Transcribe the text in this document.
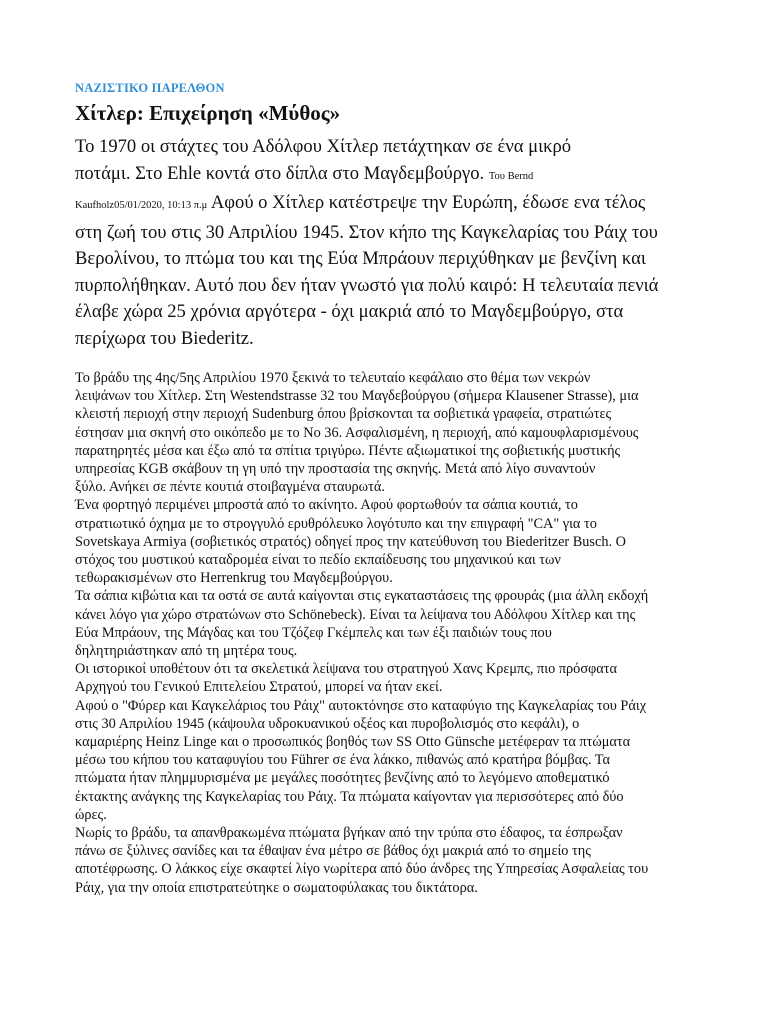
ΝΑΖΙΣΤΙΚΟ ΠΑΡΕΛΘΟΝ
Χίτλερ: Επιχείρηση «Μύθος»
Το 1970 οι στάχτες του Αδόλφου Χίτλερ πετάχτηκαν σε ένα μικρό
ποτάμι. Στο Ehle κοντά στο δίπλα στο Μαγδεμβούργο. Του Bernd
Kaufholz05/01/2020, 10:13 π.μ Αφού ο Χίτλερ κατέστρεψε την Ευρώπη, έδωσε ενα τέλος
στη ζωή του στις 30 Απριλίου 1945. Στον κήπο της Καγκελαρίας του Ράιχ του
Βερολίνου, το πτώμα του και της Εύα Μπράουν περιχύθηκαν με βενζίνη και
πυρπολήθηκαν. Αυτό που δεν ήταν γνωστό για πολύ καιρό: Η τελευταία πενιά
έλαβε χώρα 25 χρόνια αργότερα - όχι μακριά από το Μαγδεμβούργο, στα
περίχωρα του Biederitz.
Το βράδυ της 4ης/5ης Απριλίου 1970 ξεκινά το τελευταίο κεφάλαιο στο θέμα των νεκρών
λειψάνων του Χίτλερ. Στη Westendstrasse 32 του Μαγδεβούργου (σήμερα Klausener Strasse), μια
κλειστή περιοχή στην περιοχή Sudenburg όπου βρίσκονται τα σοβιετικά γραφεία, στρατιώτες
έστησαν μια σκηνή στο οικόπεδο με το Νο 36. Ασφαλισμένη, η περιοχή, από καμουφλαρισμένους
παρατηρητές μέσα και έξω από τα σπίτια τριγύρω. Πέντε αξιωματικοί της σοβιετικής μυστικής
υπηρεσίας KGB σκάβουν τη γη υπό την προστασία της σκηνής. Μετά από λίγο συναντούν
ξύλο. Ανήκει σε πέντε κουτιά στοιβαγμένα σταυρωτά.
Ένα φορτηγό περιμένει μπροστά από το ακίνητο. Αφού φορτωθούν τα σάπια κουτιά, το
στρατιωτικό όχημα με το στρογγυλό ερυθρόλευκο λογότυπο και την επιγραφή "CA" για το
Sovetskaya Armiya (σοβιετικός στρατός) οδηγεί προς την κατεύθυνση του Biederitzer Busch. Ο
στόχος του μυστικού καταδρομέα είναι το πεδίο εκπαίδευσης του μηχανικού και των
τεθωρακισμένων στο Herrenkrug του Μαγδεμβούργου.
Τα σάπια κιβώτια και τα οστά σε αυτά καίγονται στις εγκαταστάσεις της φρουράς (μια άλλη εκδοχή
κάνει λόγο για χώρο στρατώνων στο Schönebeck). Είναι τα λείψανα του Αδόλφου Χίτλερ και της
Εύα Μπράουν, της Μάγδας και του Τζόζεφ Γκέμπελς και των έξι παιδιών τους που
δηλητηριάστηκαν από τη μητέρα τους.
Οι ιστορικοί υποθέτουν ότι τα σκελετικά λείψανα του στρατηγού Χανς Κρεμπς, πιο πρόσφατα
Αρχηγού του Γενικού Επιτελείου Στρατού, μπορεί να ήταν εκεί.
Αφού ο "Φύρερ και Καγκελάριος του Ράιχ" αυτοκτόνησε στο καταφύγιο της Καγκελαρίας του Ράιχ
στις 30 Απριλίου 1945 (κάψουλα υδροκυανικού οξέος και πυροβολισμός στο κεφάλι), ο
καμαριέρης Heinz Linge και ο προσωπικός βοηθός των SS Otto Günsche μετέφεραν τα πτώματα
μέσω του κήπου του καταφυγίου του Führer σε ένα λάκκο, πιθανώς από κρατήρα βόμβας. Τα
πτώματα ήταν πλημμυρισμένα με μεγάλες ποσότητες βενζίνης από το λεγόμενο αποθεματικό
έκτακτης ανάγκης της Καγκελαρίας του Ράιχ. Τα πτώματα καίγονταν για περισσότερες από δύο
ώρες.
Νωρίς το βράδυ, τα απανθρακωμένα πτώματα βγήκαν από την τρύπα στο έδαφος, τα έσπρωξαν
πάνω σε ξύλινες σανίδες και τα έθαψαν ένα μέτρο σε βάθος όχι μακριά από το σημείο της
αποτέφρωσης. Ο λάκκος είχε σκαφτεί λίγο νωρίτερα από δύο άνδρες της Υπηρεσίας Ασφαλείας του
Ράιχ, για την οποία επιστρατεύτηκε ο σωματοφύλακας του δικτάτορα.
